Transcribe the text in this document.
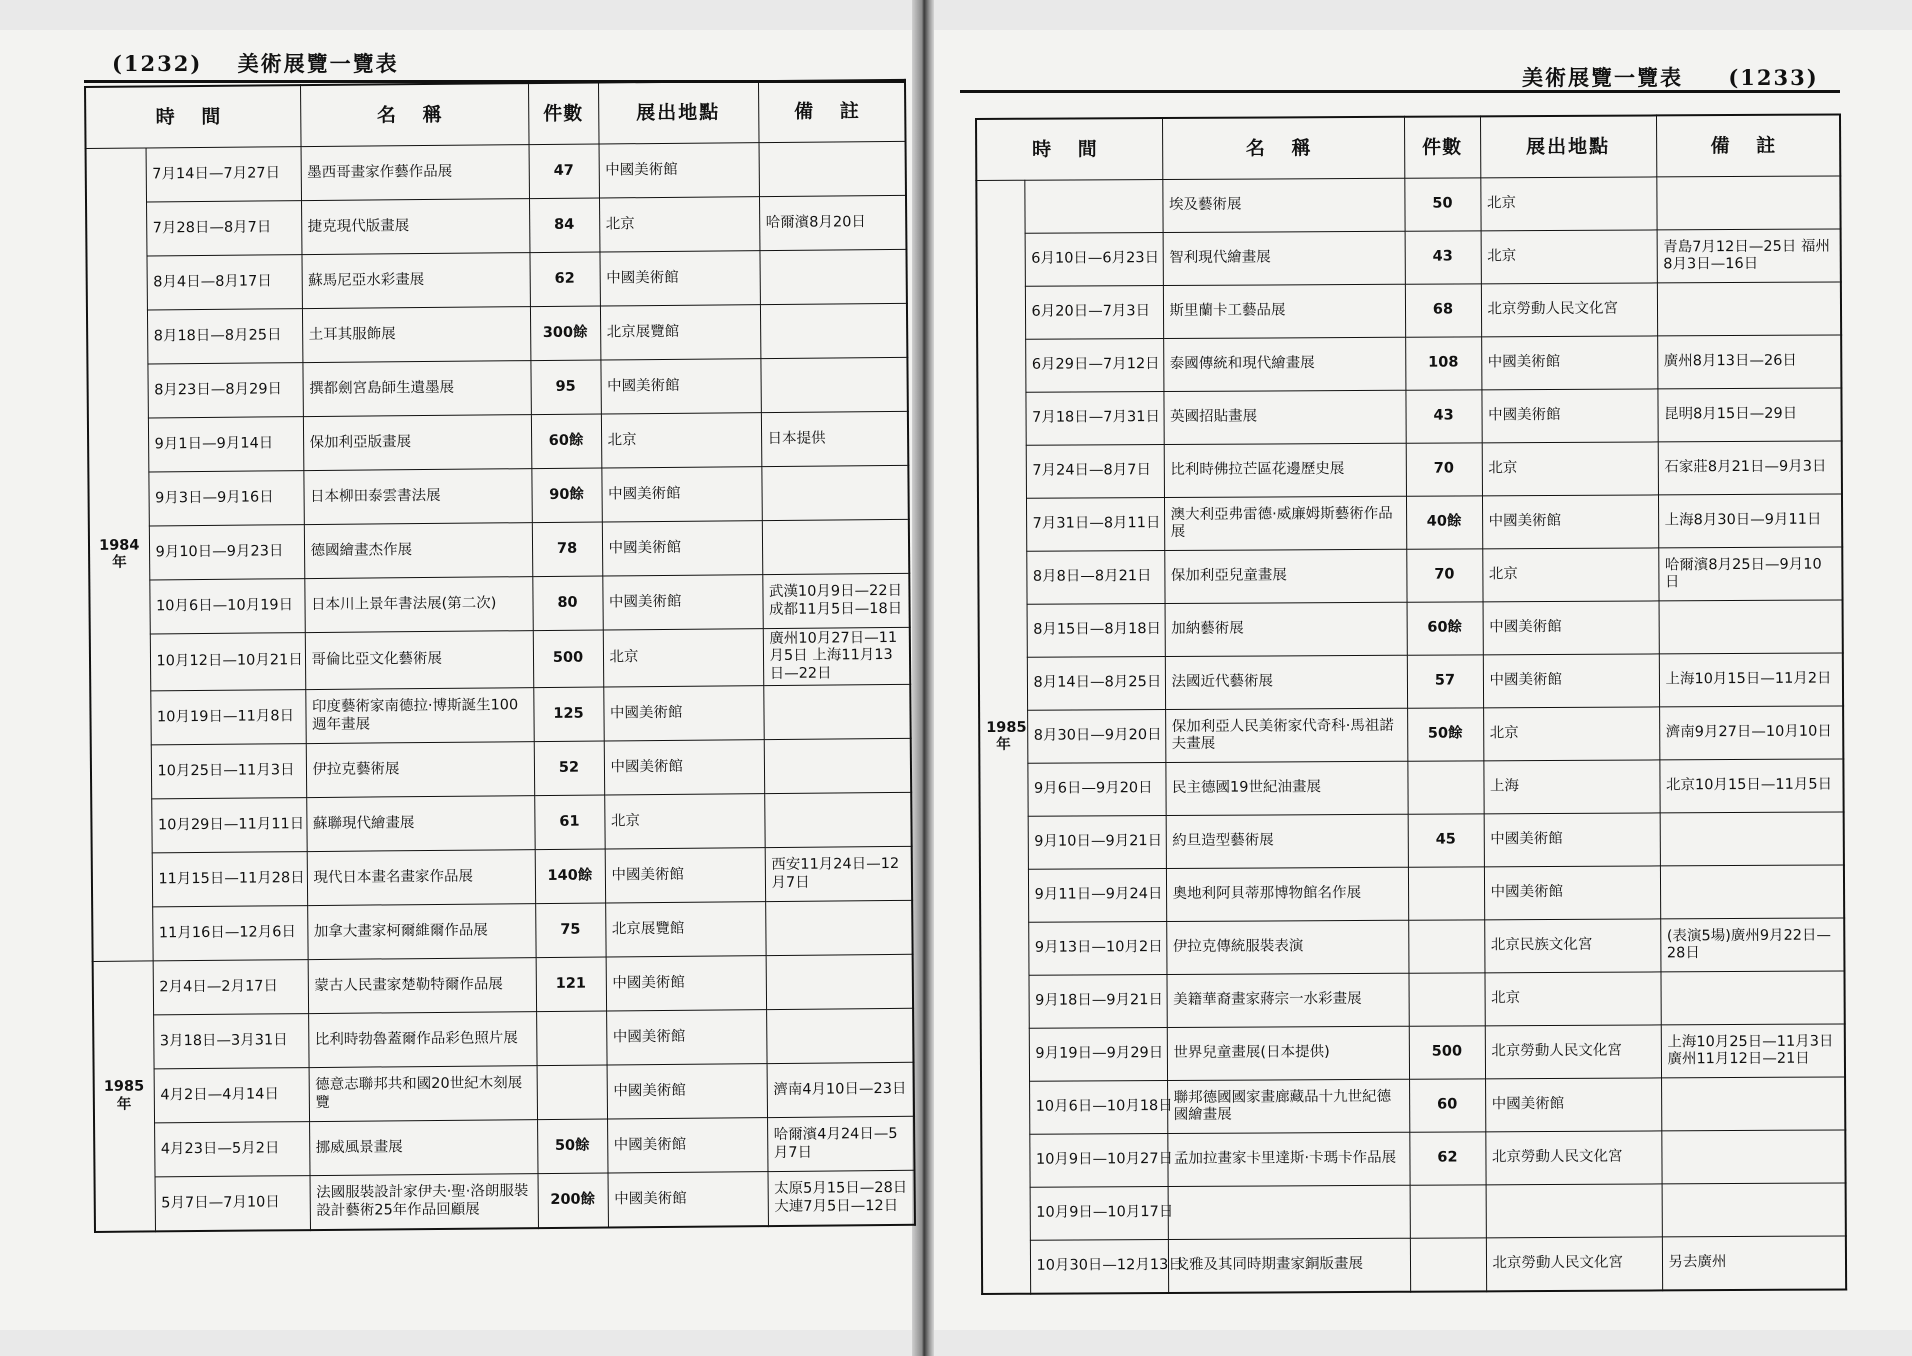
(1232) 美術展覽一覽表
美術展覽一覽表 (1233)
時 間		名 稱	件數	展出地點	備 註
1984年	7月14日—7月27日	墨西哥畫家作藝作品展	47	中國美術館	
	7月28日—8月7日	捷克現代版畫展	84	北京	哈爾濱8月20日
	8月4日—8月17日	蘇馬尼亞水彩畫展	62	中國美術館	
	8月18日—8月25日	土耳其服飾展	300餘	北京展覽館	
	8月23日—8月29日	撰都劍宮島師生遺墨展	95	中國美術館	
	9月1日—9月14日	保加利亞版畫展	60餘	北京	日本提供
	9月3日—9月16日	日本柳田泰雲書法展	90餘	中國美術館	
	9月10日—9月23日	德國繪畫杰作展	78	中國美術館	
	10月6日—10月19日	日本川上景年書法展(第二次)	80	中國美術館	武漢10月9日—22日 成都11月5日—18日
	10月12日—10月21日	哥倫比亞文化藝術展	500	北京	廣州10月27日—11月5日 上海11月13日—22日
	10月19日—11月8日	印度藝術家南德拉·博斯誕生100週年畫展	125	中國美術館	
	10月25日—11月3日	伊拉克藝術展	52	中國美術館	
	10月29日—11月11日	蘇聯現代繪畫展	61	北京	
	11月15日—11月28日	現代日本畫名畫家作品展	140餘	中國美術館	西安11月24日—12月7日
	11月16日—12月6日	加拿大畫家柯爾維爾作品展	75	北京展覽館	
1985年	2月4日—2月17日	蒙古人民畫家楚勒特爾作品展	121	中國美術館	
	3月18日—3月31日	比利時勃魯蓋爾作品彩色照片展		中國美術館	
	4月2日—4月14日	德意志聯邦共和國20世紀木刻展覽		中國美術館	濟南4月10日—23日
	4月23日—5月2日	挪威風景畫展	50餘	中國美術館	哈爾濱4月24日—5月7日
	5月7日—7月10日	法國服裝設計家伊夫·聖·洛朗服裝設計藝術25年作品回顧展	200餘	中國美術館	太原5月15日—28日 大連7月5日—12日
時 間		名 稱	件數	展出地點	備 註
1985年		埃及藝術展	50	北京	
	6月10日—6月23日	智利現代繪畫展	43	北京	青島7月12日—25日 福州8月3日—16日
	6月20日—7月3日	斯里蘭卡工藝品展	68	北京勞動人民文化宮	
	6月29日—7月12日	泰國傳統和現代繪畫展	108	中國美術館	廣州8月13日—26日
	7月18日—7月31日	英國招貼畫展	43	中國美術館	昆明8月15日—29日
	7月24日—8月7日	比利時佛拉芒區花邊歷史展	70	北京	石家莊8月21日—9月3日
	7月31日—8月11日	澳大利亞弗雷德·威廉姆斯藝術作品展	40餘	中國美術館	上海8月30日—9月11日
	8月8日—8月21日	保加利亞兒童畫展	70	北京	哈爾濱8月25日—9月10日
	8月15日—8月18日	加納藝術展	60餘	中國美術館	
	8月14日—8月25日	法國近代藝術展	57	中國美術館	上海10月15日—11月2日
	8月30日—9月20日	保加利亞人民美術家代奇科·馬祖諾夫畫展	50餘	北京	濟南9月27日—10月10日
	9月6日—9月20日	民主德國19世紀油畫展		上海	北京10月15日—11月5日
	9月10日—9月21日	約旦造型藝術展	45	中國美術館	
	9月11日—9月24日	奧地利阿貝蒂那博物館名作展		中國美術館	
	9月13日—10月2日	伊拉克傳統服裝表演		北京民族文化宮	(表演5場)廣州9月22日—28日
	9月18日—9月21日	美籍華裔畫家蔣宗一水彩畫展		北京	
	9月19日—9月29日	世界兒童畫展(日本提供)	500	北京勞動人民文化宮	上海10月25日—11月3日 廣州11月12日—21日
	10月6日—10月18日	聯邦德國國家畫廊藏品十九世紀德國繪畫展	60	中國美術館	
	10月9日—10月27日	孟加拉畫家卡里達斯·卡瑪卡作品展	62	北京勞動人民文化宮	
	10月9日—10月17日				
	10月30日—12月13日	戈雅及其同時期畫家銅版畫展		北京勞動人民文化宮	另去廣州
